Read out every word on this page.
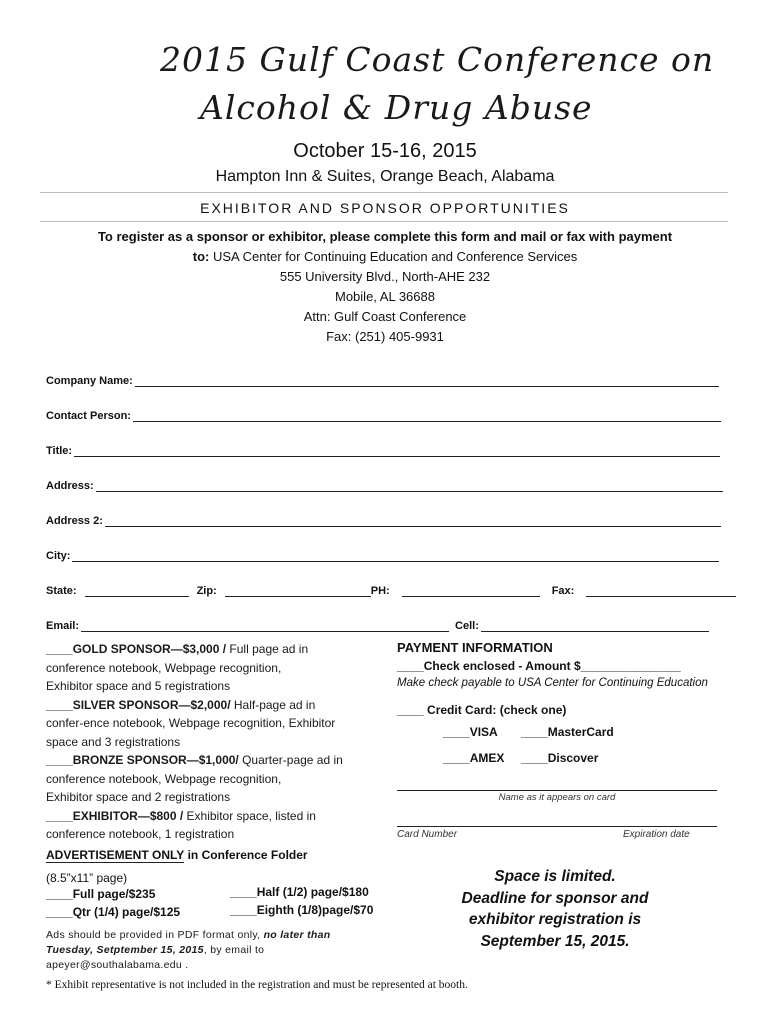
2015 Gulf Coast Conference on
Alcohol & Drug Abuse
October 15-16, 2015
Hampton Inn & Suites, Orange Beach, Alabama
EXHIBITOR AND SPONSOR OPPORTUNITIES
To register as a sponsor or exhibitor, please complete this form and mail or fax with payment
to: USA Center for Continuing Education and Conference Services
555 University Blvd., North-AHE 232
Mobile, AL 36688
Attn: Gulf Coast Conference
Fax: (251) 405-9931
Company Name:
Contact Person:
Title:
Address:
Address 2:
City:
State:	Zip:	PH:	Fax:
Email:	Cell:
____GOLD SPONSOR—$3,000 / Full page ad in
conference notebook, Webpage recognition,
Exhibitor space and 5 registrations
____SILVER SPONSOR—$2,000/ Half-page ad in
confer-ence notebook, Webpage recognition, Exhibitor
space and 3 registrations
____BRONZE SPONSOR—$1,000/ Quarter-page ad in
conference notebook, Webpage recognition,
Exhibitor space and 2 registrations
____EXHIBITOR—$800 / Exhibitor space, listed in
conference notebook, 1 registration
PAYMENT INFORMATION
____Check enclosed - Amount $_______________
Make check payable to USA Center for Continuing Education
____ Credit Card: (check one)
____VISA ____MasterCard
____AMEX ____Discover
Name as it appears on card
Card Number	Expiration date
ADVERTISEMENT ONLY in Conference Folder
(8.5”x11” page)
____Full page/$235	____Half (1/2) page/$180
____Qtr (1/4) page/$125	____Eighth (1/8)page/$70
Ads should be provided in PDF format only, no later than
Tuesday, Setptember 15, 2015, by email to
apeyer@southalabama.edu .
Space is limited.
Deadline for sponsor and
exhibitor registration is
September 15, 2015.
* Exhibit representative is not included in the registration and must be represented at booth.
